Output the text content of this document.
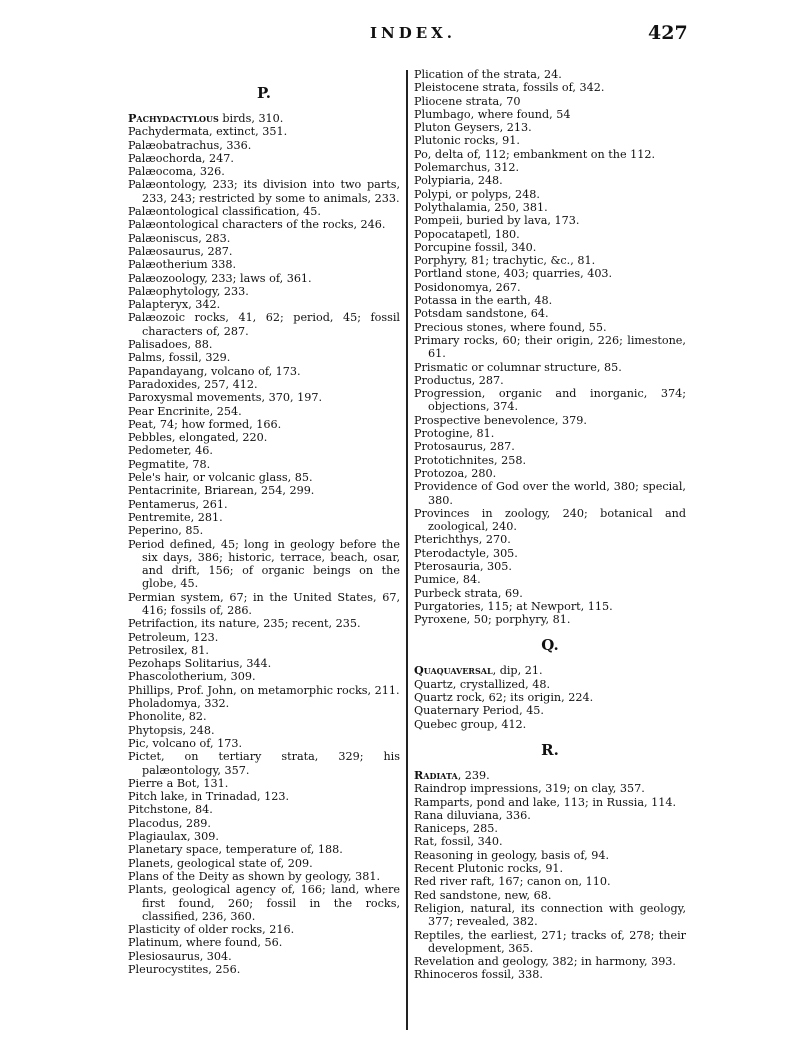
INDEX.	427
P.
Pachydactylous birds, 310.
Pachydermata, extinct, 351.
Palæobatrachus, 336.
Palæochorda, 247.
Palæocoma, 326.
Palæontology, 233; its division into two parts, 233, 243; restricted by some to animals, 233.
Palæontological classification, 45.
Palæontological characters of the rocks, 246.
Palæoniscus, 283.
Palæosaurus, 287.
Palæotherium 338.
Palæozoology, 233; laws of, 361.
Palæophytology, 233.
Palapteryx, 342.
Palæozoic rocks, 41, 62; period, 45; fossil characters of, 287.
Palisadoes, 88.
Palms, fossil, 329.
Papandayang, volcano of, 173.
Paradoxides, 257, 412.
Paroxysmal movements, 370, 197.
Pear Encrinite, 254.
Peat, 74; how formed, 166.
Pebbles, elongated, 220.
Pedometer, 46.
Pegmatite, 78.
Pele's hair, or volcanic glass, 85.
Pentacrinite, Briarean, 254, 299.
Pentamerus, 261.
Pentremite, 281.
Peperino, 85.
Period defined, 45; long in geology before the six days, 386; historic, terrace, beach, osar, and drift, 156; of organic beings on the globe, 45.
Permian system, 67; in the United States, 67, 416; fossils of, 286.
Petrifaction, its nature, 235; recent, 235.
Petroleum, 123.
Petrosilex, 81.
Pezohaps Solitarius, 344.
Phascolotherium, 309.
Phillips, Prof. John, on metamorphic rocks, 211.
Pholadomya, 332.
Phonolite, 82.
Phytopsis, 248.
Pic, volcano of, 173.
Pictet, on tertiary strata, 329; his palæontology, 357.
Pierre a Bot, 131.
Pitch lake, in Trinadad, 123.
Pitchstone, 84.
Placodus, 289.
Plagiaulax, 309.
Planetary space, temperature of, 188.
Planets, geological state of, 209.
Plans of the Deity as shown by geology, 381.
Plants, geological agency of, 166; land, where first found, 260; fossil in the rocks, classified, 236, 360.
Plasticity of older rocks, 216.
Platinum, where found, 56.
Plesiosaurus, 304.
Pleurocystites, 256.
Plication of the strata, 24.
Pleistocene strata, fossils of, 342.
Pliocene strata, 70
Plumbago, where found, 54
Pluton Geysers, 213.
Plutonic rocks, 91.
Po, delta of, 112; embankment on the 112.
Polemarchus, 312.
Polypiaria, 248.
Polypi, or polyps, 248.
Polythalamia, 250, 381.
Pompeii, buried by lava, 173.
Popocatapetl, 180.
Porcupine fossil, 340.
Porphyry, 81; trachytic, &c., 81.
Portland stone, 403; quarries, 403.
Posidonomya, 267.
Potassa in the earth, 48.
Potsdam sandstone, 64.
Precious stones, where found, 55.
Primary rocks, 60; their origin, 226; limestone, 61.
Prismatic or columnar structure, 85.
Productus, 287.
Progression, organic and inorganic, 374; objections, 374.
Prospective benevolence, 379.
Protogine, 81.
Protosaurus, 287.
Prototichnites, 258.
Protozoa, 280.
Providence of God over the world, 380; special, 380.
Provinces in zoology, 240; botanical and zoological, 240.
Pterichthys, 270.
Pterodactyle, 305.
Pterosauria, 305.
Pumice, 84.
Purbeck strata, 69.
Purgatories, 115; at Newport, 115.
Pyroxene, 50; porphyry, 81.
Q.
Quaquaversal, dip, 21.
Quartz, crystallized, 48.
Quartz rock, 62; its origin, 224.
Quaternary Period, 45.
Quebec group, 412.
R.
Radiata, 239.
Raindrop impressions, 319; on clay, 357.
Ramparts, pond and lake, 113; in Russia, 114.
Rana diluviana, 336.
Raniceps, 285.
Rat, fossil, 340.
Reasoning in geology, basis of, 94.
Recent Plutonic rocks, 91.
Red river raft, 167; canon on, 110.
Red sandstone, new, 68.
Religion, natural, its connection with geology, 377; revealed, 382.
Reptiles, the earliest, 271; tracks of, 278; their development, 365.
Revelation and geology, 382; in harmony, 393.
Rhinoceros fossil, 338.
